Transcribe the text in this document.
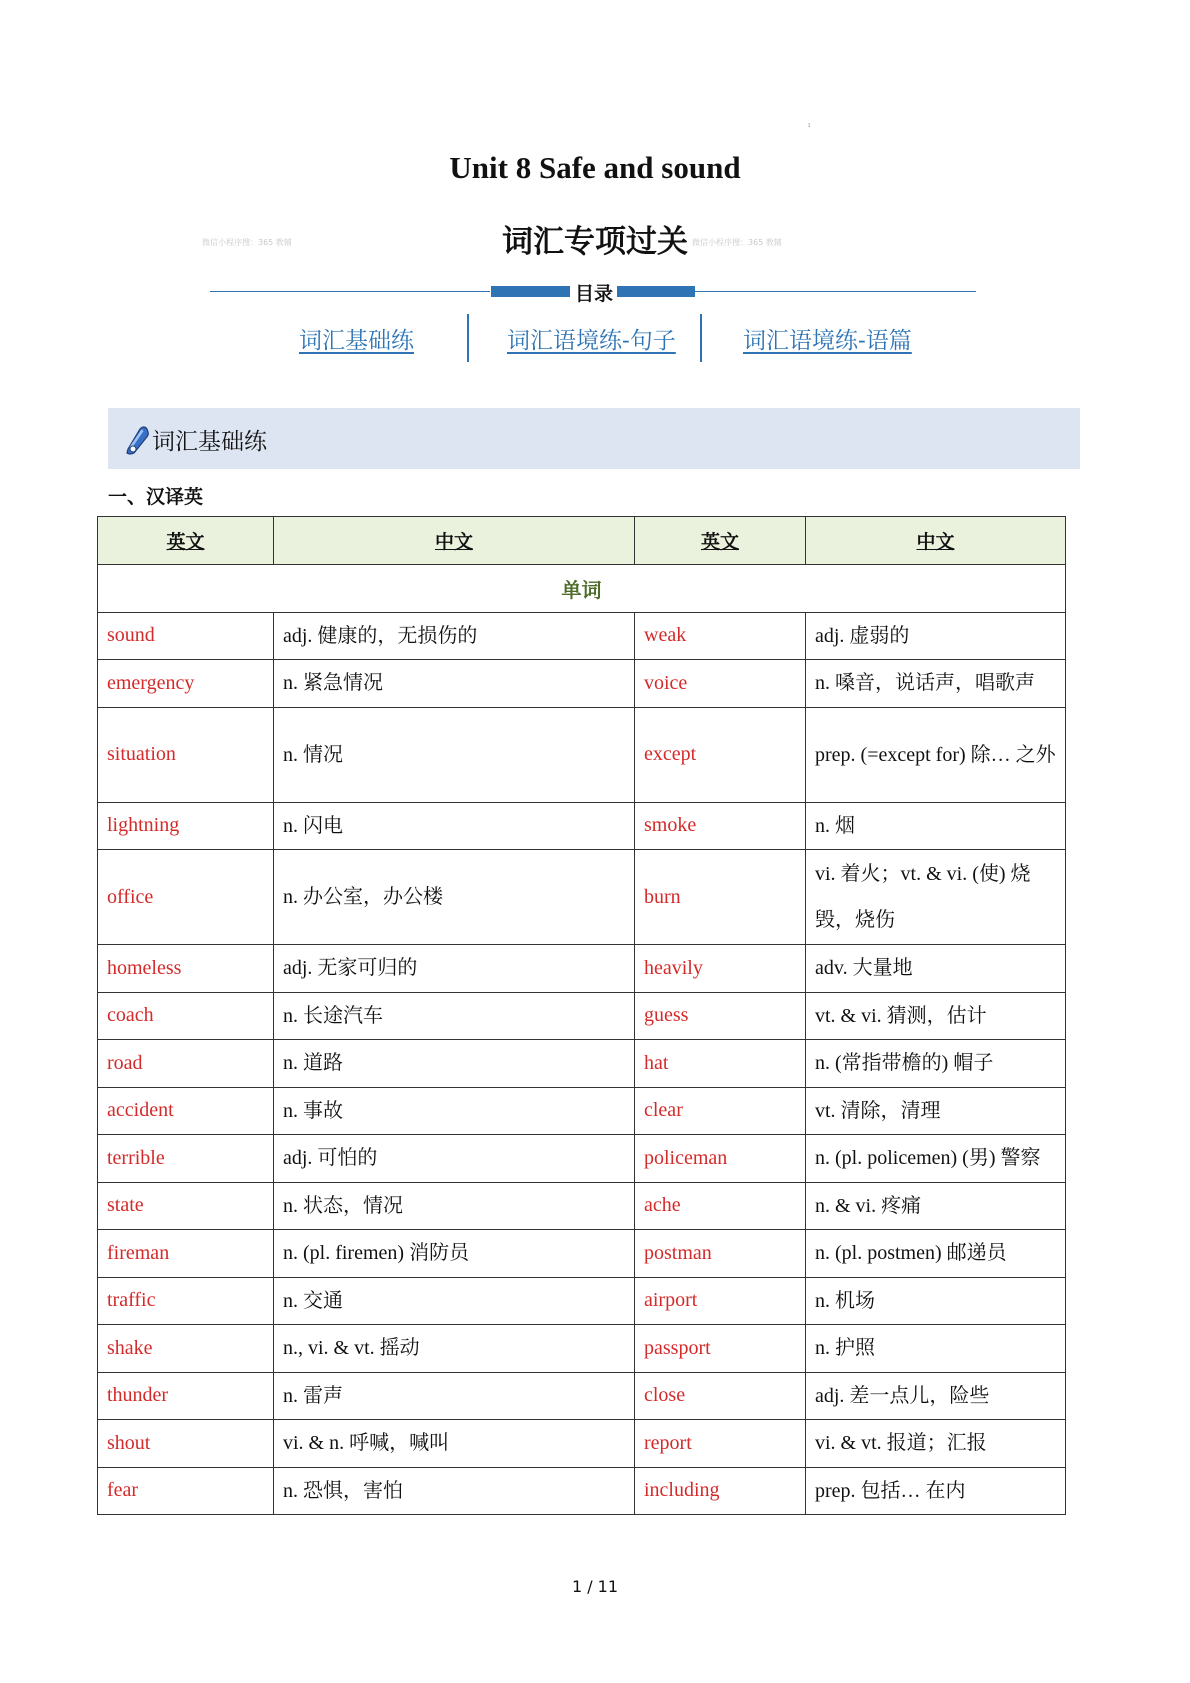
ı
Unit 8 Safe and sound
词汇专项过关
微信小程序搜：365 教辅	微信小程序搜：365 教辅
目录
词汇基础练	词汇语境练-句子	词汇语境练-语篇
词汇基础练
一、汉译英
英文	中文	英文	中文
单词			
sound	adj. 健康的，无损伤的	weak	adj. 虚弱的
emergency	n. 紧急情况	voice	n. 嗓音，说话声，唱歌声
situation	n. 情况	except	prep. (=except for) 除… 之外
lightning	n. 闪电	smoke	n. 烟
office	n. 办公室，办公楼	burn	vi. 着火；vt. & vi. (使) 烧毁，烧伤
homeless	adj. 无家可归的	heavily	adv. 大量地
coach	n. 长途汽车	guess	vt. & vi. 猜测，估计
road	n. 道路	hat	n. (常指带檐的) 帽子
accident	n. 事故	clear	vt. 清除，清理
terrible	adj. 可怕的	policeman	n. (pl. policemen) (男) 警察
state	n. 状态，情况	ache	n. & vi. 疼痛
fireman	n. (pl. firemen) 消防员	postman	n. (pl. postmen) 邮递员
traffic	n. 交通	airport	n. 机场
shake	n., vi. & vt. 摇动	passport	n. 护照
thunder	n. 雷声	close	adj. 差一点儿，险些
shout	vi. & n. 呼喊，喊叫	report	vi. & vt. 报道；汇报
fear	n. 恐惧，害怕	including	prep. 包括… 在内
1 / 11
